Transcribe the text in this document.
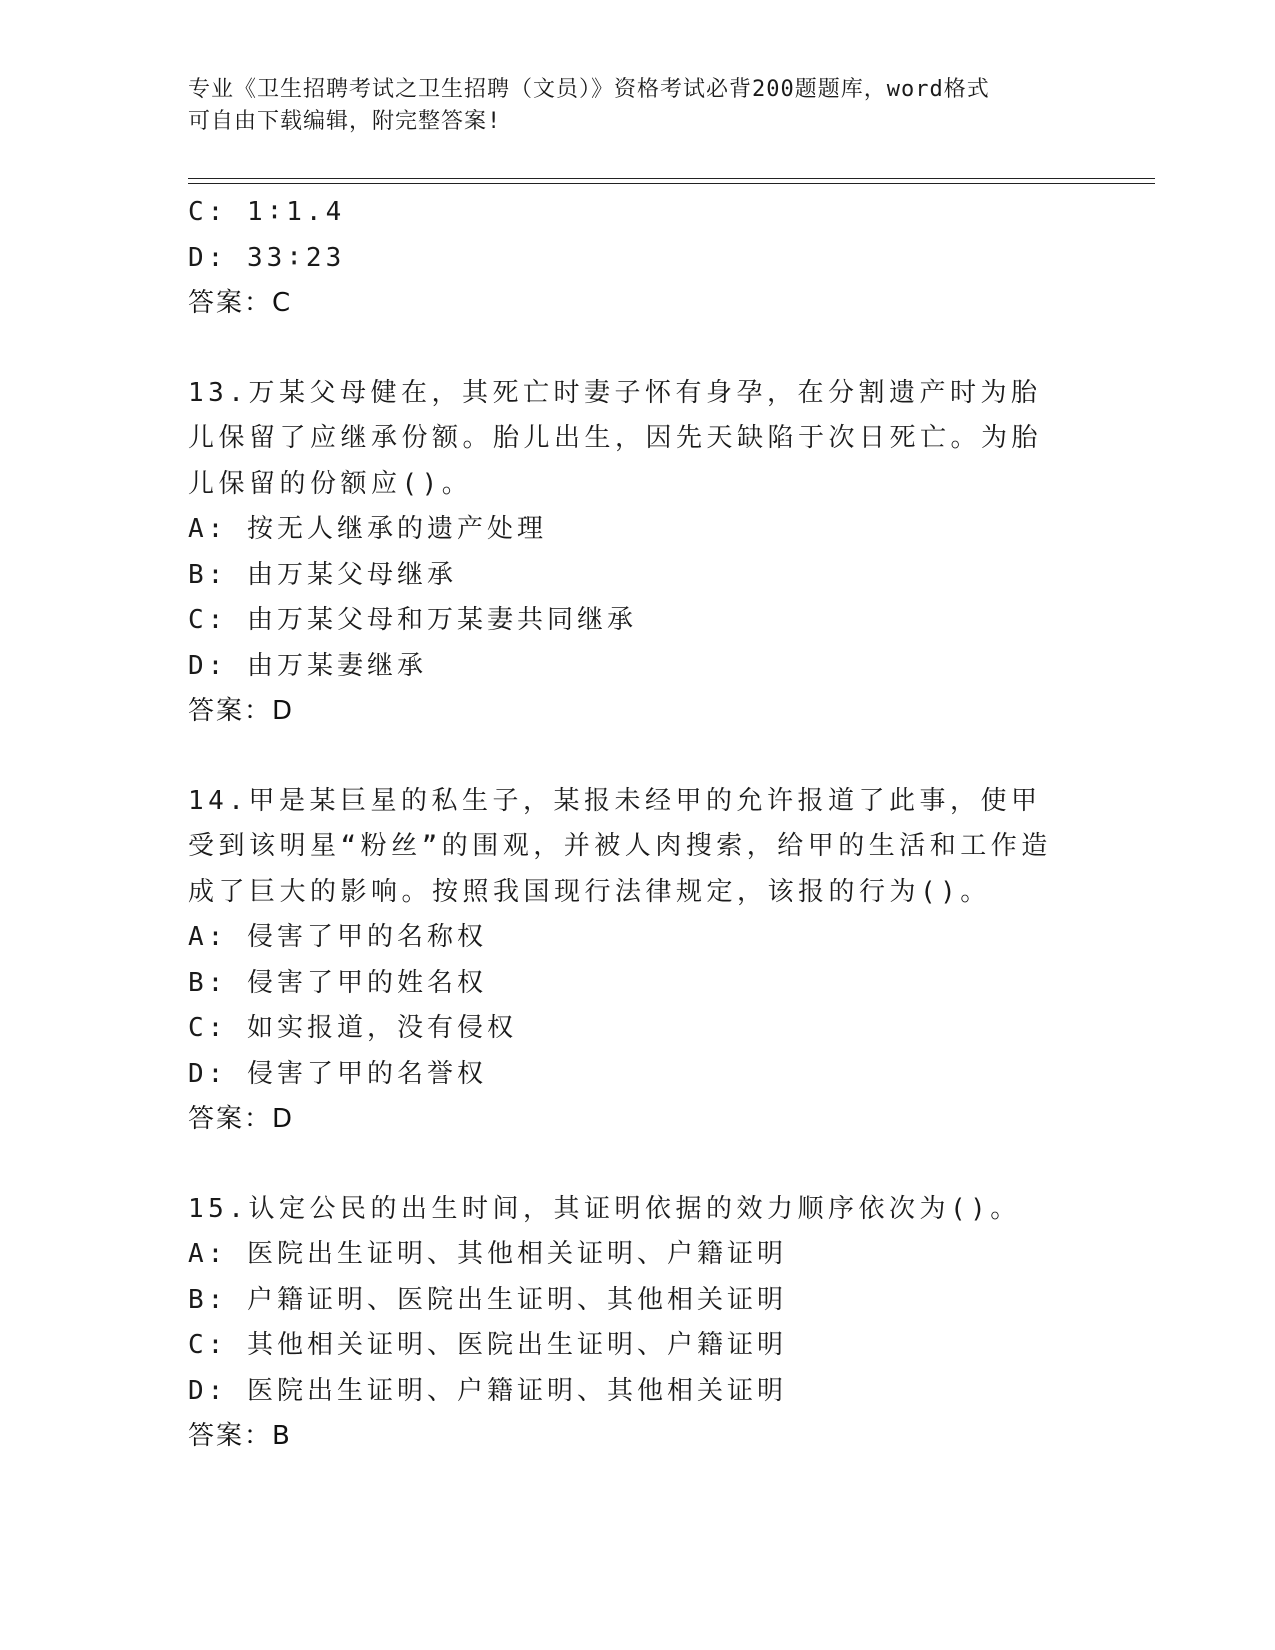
专业《卫生招聘考试之卫生招聘（文员）》资格考试必背200题题库，word格式
可自由下载编辑，附完整答案!
C: 1∶1.4
D: 33∶23
答案：C
13.万某父母健在，其死亡时妻子怀有身孕，在分割遗产时为胎儿保留了应继承份额。胎儿出生，因先天缺陷于次日死亡。为胎儿保留的份额应()。
A: 按无人继承的遗产处理
B: 由万某父母继承
C: 由万某父母和万某妻共同继承
D: 由万某妻继承
答案：D
14.甲是某巨星的私生子，某报未经甲的允许报道了此事，使甲受到该明星“粉丝”的围观，并被人肉搜索，给甲的生活和工作造成了巨大的影响。按照我国现行法律规定，该报的行为()。
A: 侵害了甲的名称权
B: 侵害了甲的姓名权
C: 如实报道，没有侵权
D: 侵害了甲的名誉权
答案：D
15.认定公民的出生时间，其证明依据的效力顺序依次为()。
A: 医院出生证明、其他相关证明、户籍证明
B: 户籍证明、医院出生证明、其他相关证明
C: 其他相关证明、医院出生证明、户籍证明
D: 医院出生证明、户籍证明、其他相关证明
答案：B
